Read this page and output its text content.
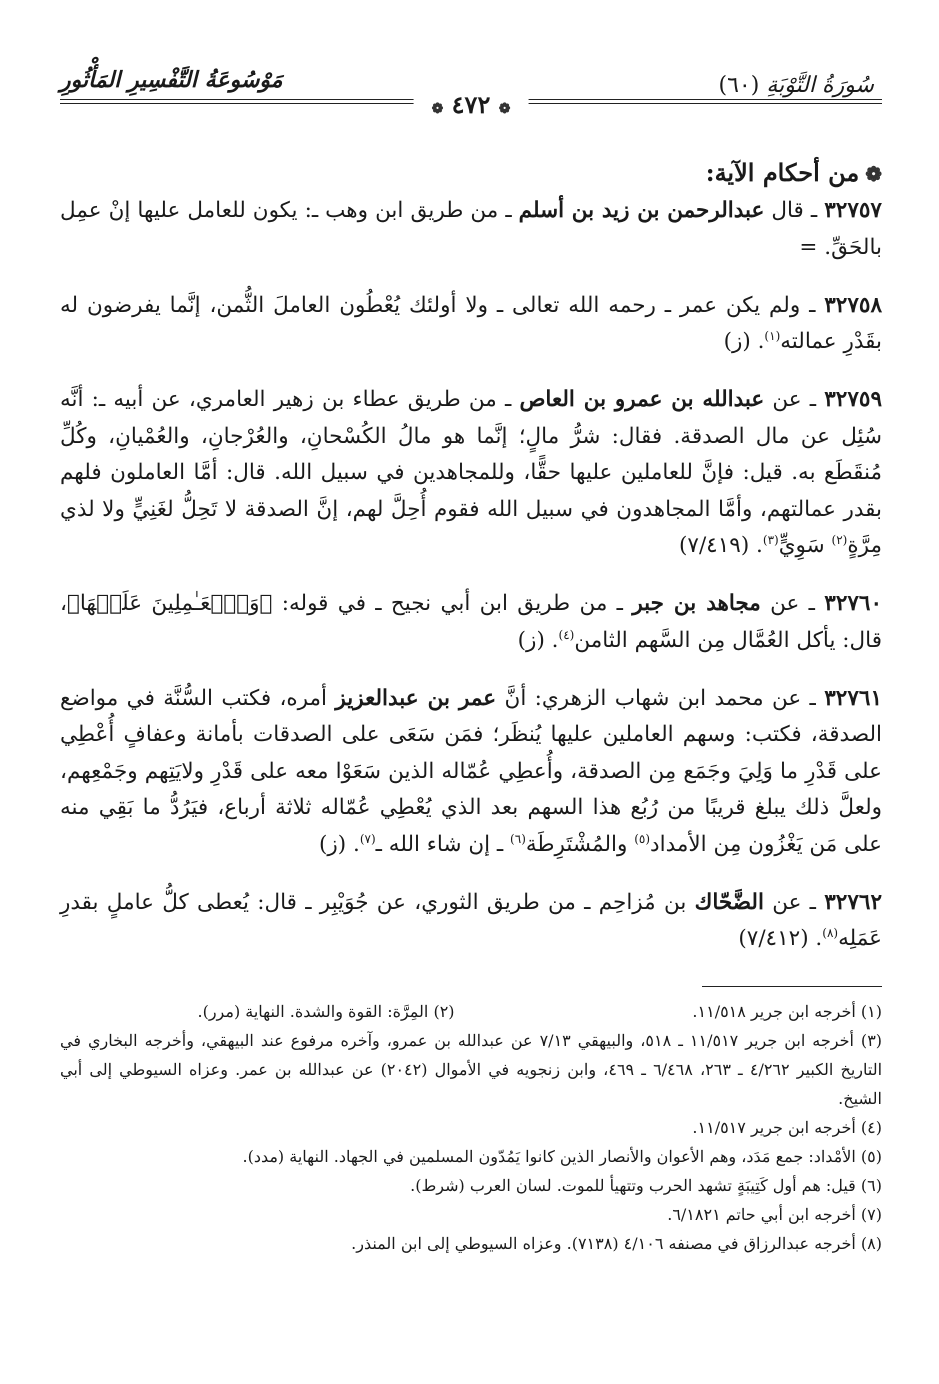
سُورَةُ التَّوْبَةِ (٦٠)
مَوْسُوعَةُ التَّفْسِيرِ المَأْثُورِ
❁ ٤٧٢ ❁
❁من أحكام الآية:

٣٢٧٥٧ ـ قال عبدالرحمن بن زيد بن أسلم ـ من طريق ابن وهب ـ: يكون للعامل عليها إنْ عمِل بالحَقِّ. =

٣٢٧٥٨ ـ ولم يكن عمر ـ رحمه الله تعالى ـ ولا أولئك يُعْطُون العاملَ الثُّمن، إنَّما يفرضون له بقَدْرِ عمالته$^{(١)}$. (ز)

٣٢٧٥٩ ـ عن عبدالله بن عمرو بن العاص ـ من طريق عطاء بن زهير العامري، عن أبيه ـ: أنَّه سُئِل عن مال الصدقة. فقال: شرُّ مالٍ؛ إنَّما هو مالُ الكُسْحانِ، والعُرْجانِ، والعُمْيانِ، وكُلِّ مُنقَطَع به. قيل: فإنَّ للعاملين عليها حقًّا، وللمجاهدين في سبيل الله. قال: أمَّا العاملون فلهم بقدر عمالتهم، وأمَّا المجاهدون في سبيل الله فقوم أُحِلَّ لهم، إنَّ الصدقة لا تَحِلُّ لغَنِيٍّ ولا لذي مِرَّةٍ$^{(٢)}$ سَوِيٍّ$^{(٣)}$. (٧/٤١٩)

٣٢٧٦٠ ـ عن مجاهد بن جبر ـ من طريق ابن أبي نجيح ـ في قوله: ﴿وَٱلۡعَـٰمِلِینَ عَلَیۡهَا﴾، قال: يأكل العُمَّال مِن السَّهم الثامن$^{(٤)}$. (ز)

٣٢٧٦١ ـ عن محمد ابن شهاب الزهري: أنَّ عمر بن عبدالعزيز أمره، فكتب السُّنَّة في مواضع الصدقة، فكتب: وسهم العاملين عليها يُنظَر؛ فمَن سَعَى على الصدقات بأمانة وعفافٍ أُعْطِي على قَدْرِ ما وَلِيَ وجَمَع مِن الصدقة، وأُعطِي عُمّاله الذين سَعَوْا معه على قَدْرِ ولايَتِهم وجَمْعِهم، ولعلَّ ذلك يبلغ قريبًا من رُبُع هذا السهم بعد الذي يُعْطِي عُمّاله ثلاثة أرباع، فيَرُدُّ ما بَقِي منه على مَن يَغْزُون مِن الأمداد$^{(٥)}$ والمُشْتَرِطَة$^{(٦)}$ ـ إن شاء الله ـ$^{(٧)}$. (ز)

٣٢٧٦٢ ـ عن الضَّحّاك بن مُزاحِم ـ من طريق الثوري، عن جُوَيْبِر ـ قال: يُعطى كلُّ عاملٍ بقدرِ عَمَلِه$^{(٨)}$. (٧/٤١٢)

(١) أخرجه ابن جرير ١١/٥١٨.
(٢) المِرَّة: القوة والشدة. النهاية (مرر).
(٣) أخرجه ابن جرير ١١/٥١٧ ـ ٥١٨، والبيهقي ٧/١٣ عن عبدالله بن عمرو، وآخره مرفوع عند البيهقي، وأخرجه البخاري في التاريخ الكبير ٤/٢٦٢ ـ ٢٦٣، ٦/٤٦٨ ـ ٤٦٩، وابن زنجويه في الأموال (٢٠٤٢) عن عبدالله بن عمر. وعزاه السيوطي إلى أبي الشيخ.
(٤) أخرجه ابن جرير ١١/٥١٧.
(٥) الأمْداد: جمع مَدَد، وهم الأعوان والأنصار الذين كانوا يَمُدّون المسلمين في الجهاد. النهاية (مدد).
(٦) قيل: هم أول كَتِيبَةٍ تشهد الحرب وتتهيأ للموت. لسان العرب (شرط).
(٧) أخرجه ابن أبي حاتم ٦/١٨٢١.
(٨) أخرجه عبدالرزاق في مصنفه ٤/١٠٦ (٧١٣٨). وعزاه السيوطي إلى ابن المنذر.
